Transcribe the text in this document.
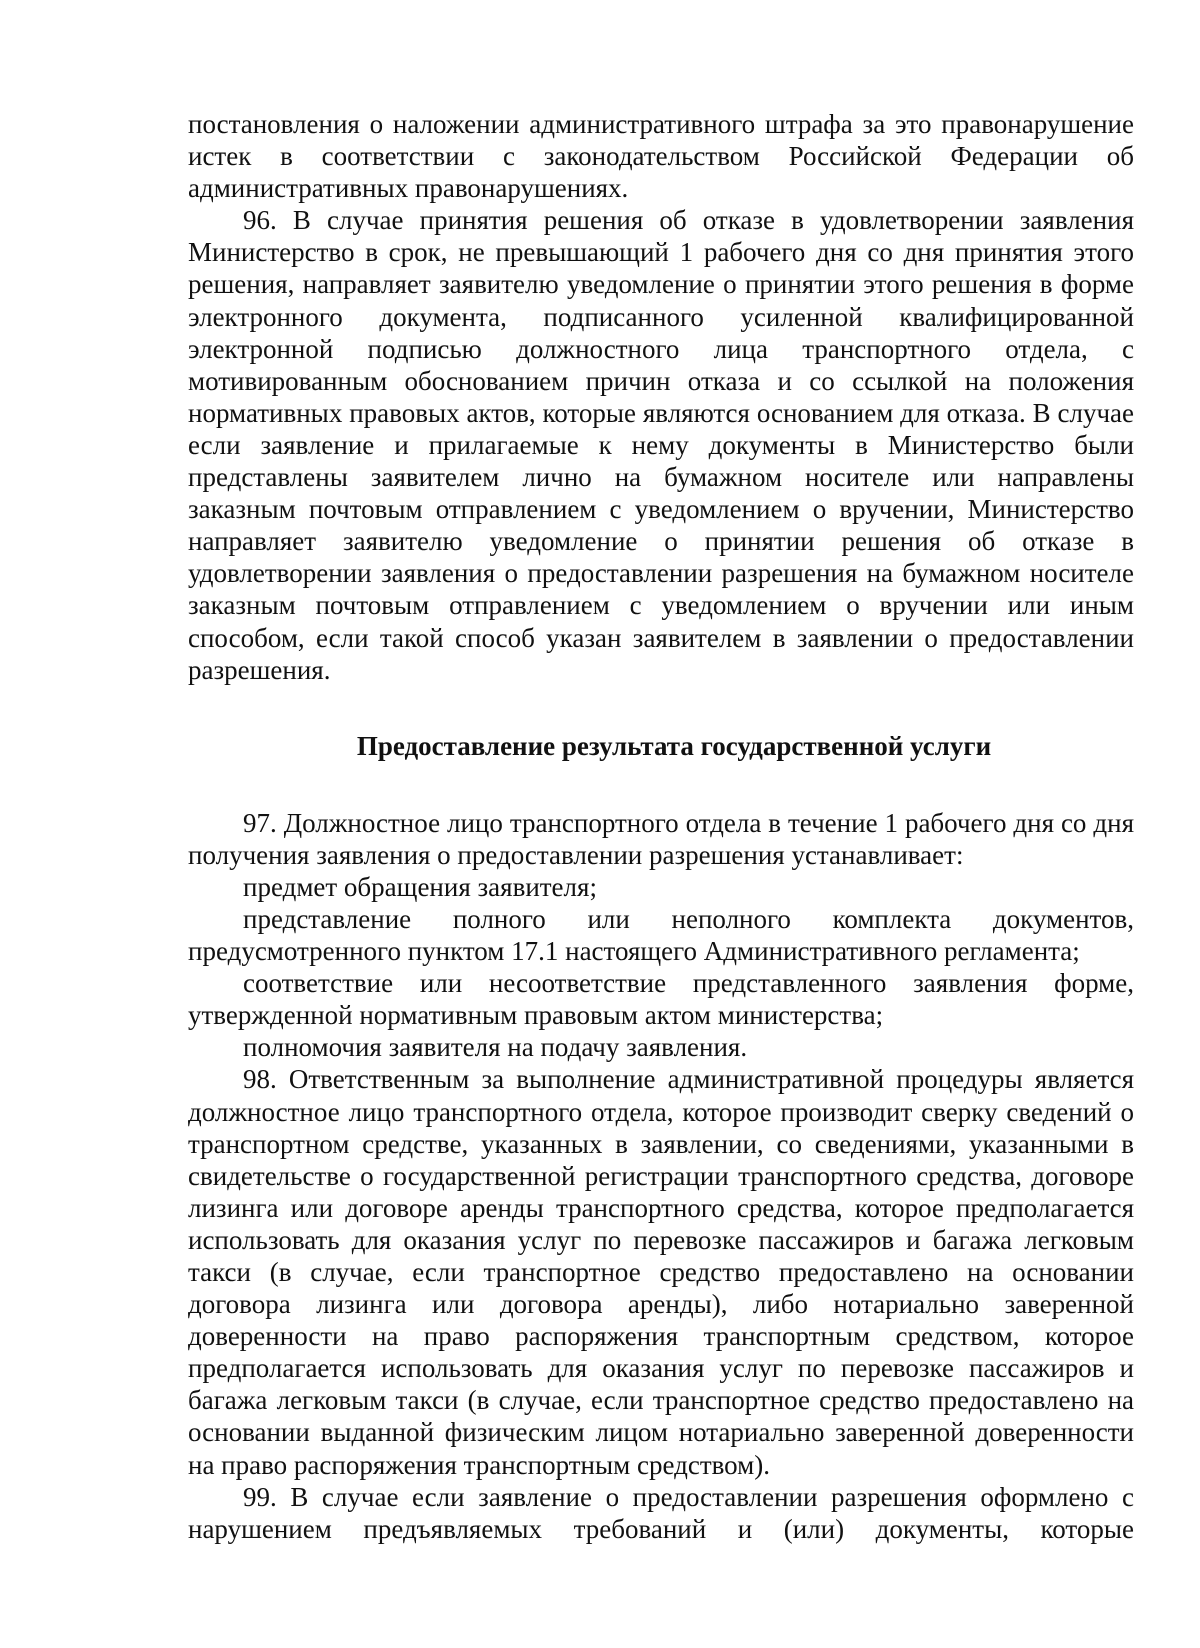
постановления о наложении административного штрафа за это правонарушение истек в соответствии с законодательством Российской Федерации об административных правонарушениях.

96. В случае принятия решения об отказе в удовлетворении заявления Министерство в срок, не превышающий 1 рабочего дня со дня принятия этого решения, направляет заявителю уведомление о принятии этого решения в форме электронного документа, подписанного усиленной квалифицированной электронной подписью должностного лица транспортного отдела, с мотивированным обоснованием причин отказа и со ссылкой на положения нормативных правовых актов, которые являются основанием для отказа. В случае если заявление и прилагаемые к нему документы в Министерство были представлены заявителем лично на бумажном носителе или направлены заказным почтовым отправлением с уведомлением о вручении, Министерство направляет заявителю уведомление о принятии решения об отказе в удовлетворении заявления о предоставлении разрешения на бумажном носителе заказным почтовым отправлением с уведомлением о вручении или иным способом, если такой способ указан заявителем в заявлении о предоставлении разрешения.

Предоставление результата государственной услуги

97. Должностное лицо транспортного отдела в течение 1 рабочего дня со дня получения заявления о предоставлении разрешения устанавливает:

предмет обращения заявителя;

представление полного или неполного комплекта документов, предусмотренного пунктом 17.1 настоящего Административного регламента;

соответствие или несоответствие представленного заявления форме, утвержденной нормативным правовым актом министерства;

полномочия заявителя на подачу заявления.

98. Ответственным за выполнение административной процедуры является должностное лицо транспортного отдела, которое производит сверку сведений о транспортном средстве, указанных в заявлении, со сведениями, указанными в свидетельстве о государственной регистрации транспортного средства, договоре лизинга или договоре аренды транспортного средства, которое предполагается использовать для оказания услуг по перевозке пассажиров и багажа легковым такси (в случае, если транспортное средство предоставлено на основании договора лизинга или договора аренды), либо нотариально заверенной доверенности на право распоряжения транспортным средством, которое предполагается использовать для оказания услуг по перевозке пассажиров и багажа легковым такси (в случае, если транспортное средство предоставлено на основании выданной физическим лицом нотариально заверенной доверенности на право распоряжения транспортным средством).

99. В случае если заявление о предоставлении разрешения оформлено с нарушением предъявляемых требований и (или) документы, которые
